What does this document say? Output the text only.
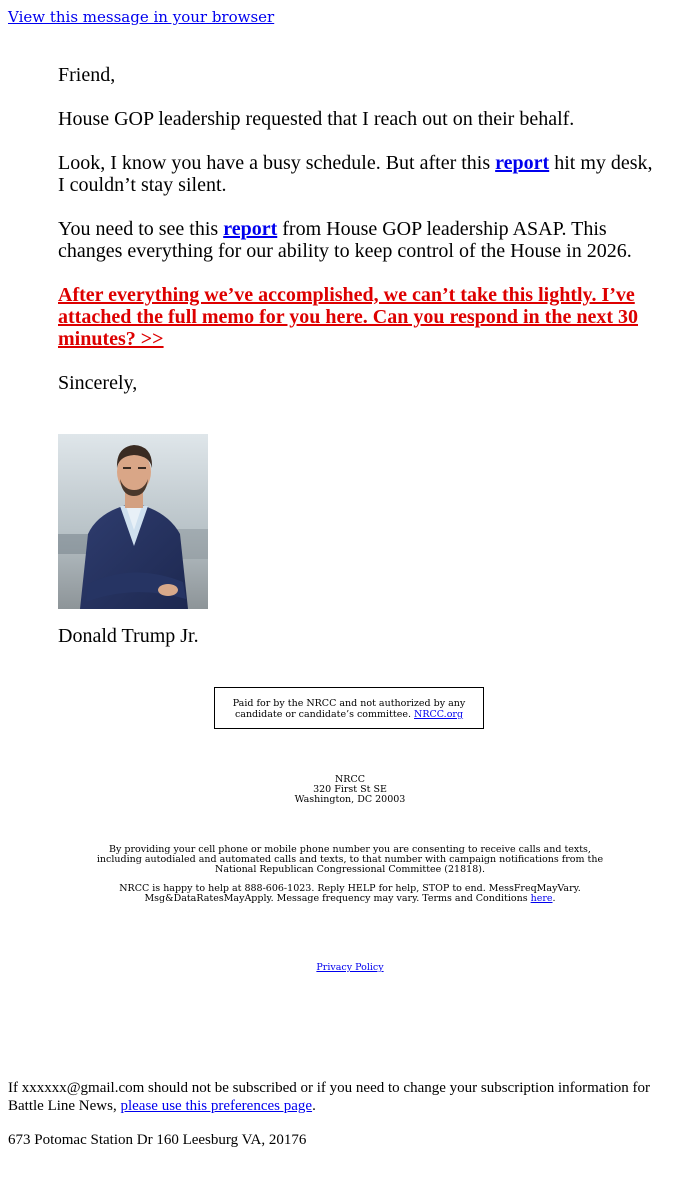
View this message in your browser

Friend,

House GOP leadership requested that I reach out on their behalf.

Look, I know you have a busy schedule. But after this report hit my desk, I couldn’t stay silent.

You need to see this report from House GOP leadership ASAP. This changes everything for our ability to keep control of the House in 2026.

After everything we’ve accomplished, we can’t take this lightly. I’ve attached the full memo for you here. Can you respond in the next 30 minutes? >>

Sincerely,

Donald Trump Jr.
Paid for by the NRCC and not authorized by any candidate or candidate’s committee. NRCC.org
NRCC
320 First St SE
Washington, DC 20003

By providing your cell phone or mobile phone number you are consenting to receive calls and texts, including autodialed and automated calls and texts, to that number with campaign notifications from the National Republican Congressional Committee (21818).

NRCC is happy to help at 888-606-1023. Reply HELP for help, STOP to end. MessFreqMayVary. Msg&DataRatesMayApply. Message frequency may vary. Terms and Conditions here.

Privacy Policy
If xxxxxx@gmail.com should not be subscribed or if you need to change your subscription information for Battle Line News, please use this preferences page.
673 Potomac Station Dr 160 Leesburg VA, 20176
